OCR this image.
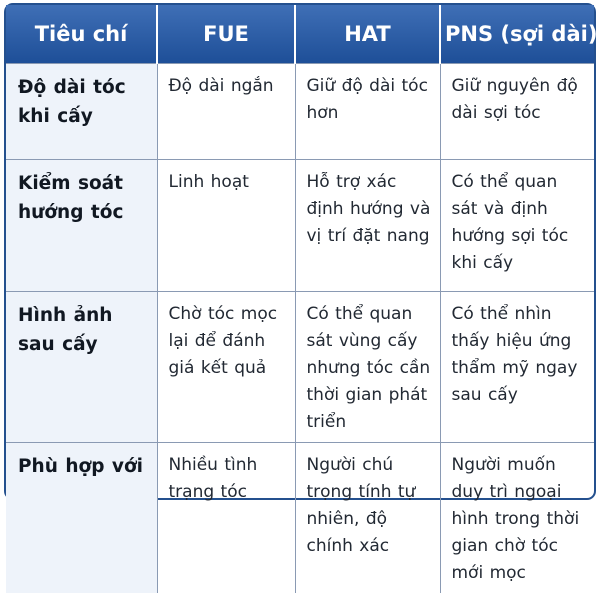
Tiêu chí	FUE	HAT	PNS (sợi dài)
Độ dài tóc khi cấy	Độ dài ngắn	Giữ độ dài tóc hơn	Giữ nguyên độ dài sợi tóc
Kiểm soát hướng tóc	Linh hoạt	Hỗ trợ xác định hướng và vị trí đặt nang	Có thể quan sát và định hướng sợi tóc khi cấy
Hình ảnh sau cấy	Chờ tóc mọc lại để đánh giá kết quả	Có thể quan sát vùng cấy nhưng tóc cần thời gian phát triển	Có thể nhìn thấy hiệu ứng thẩm mỹ ngay sau cấy
Phù hợp với	Nhiều tình trạng tóc	Người chú trọng tính tự nhiên, độ chính xác	Người muốn duy trì ngoại hình trong thời gian chờ tóc mới mọc
